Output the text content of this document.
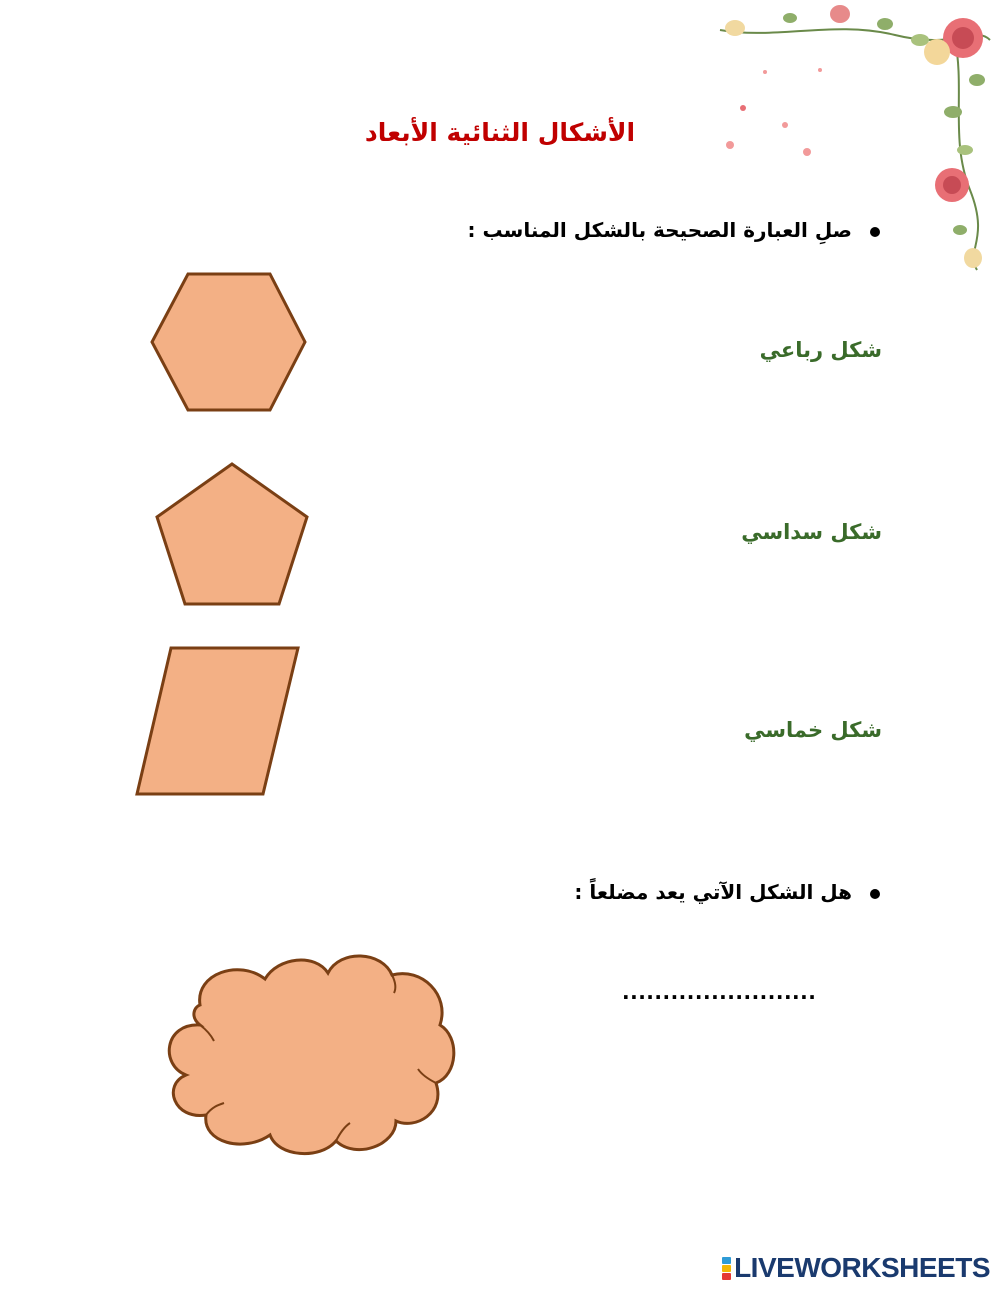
الأشكال الثنائية الأبعاد
صلِ العبارة الصحيحة بالشكل المناسب :
شكل رباعي
شكل سداسي
شكل خماسي
هل الشكل الآتي يعد مضلعاً :
........................
LIVEWORKSHEETS
